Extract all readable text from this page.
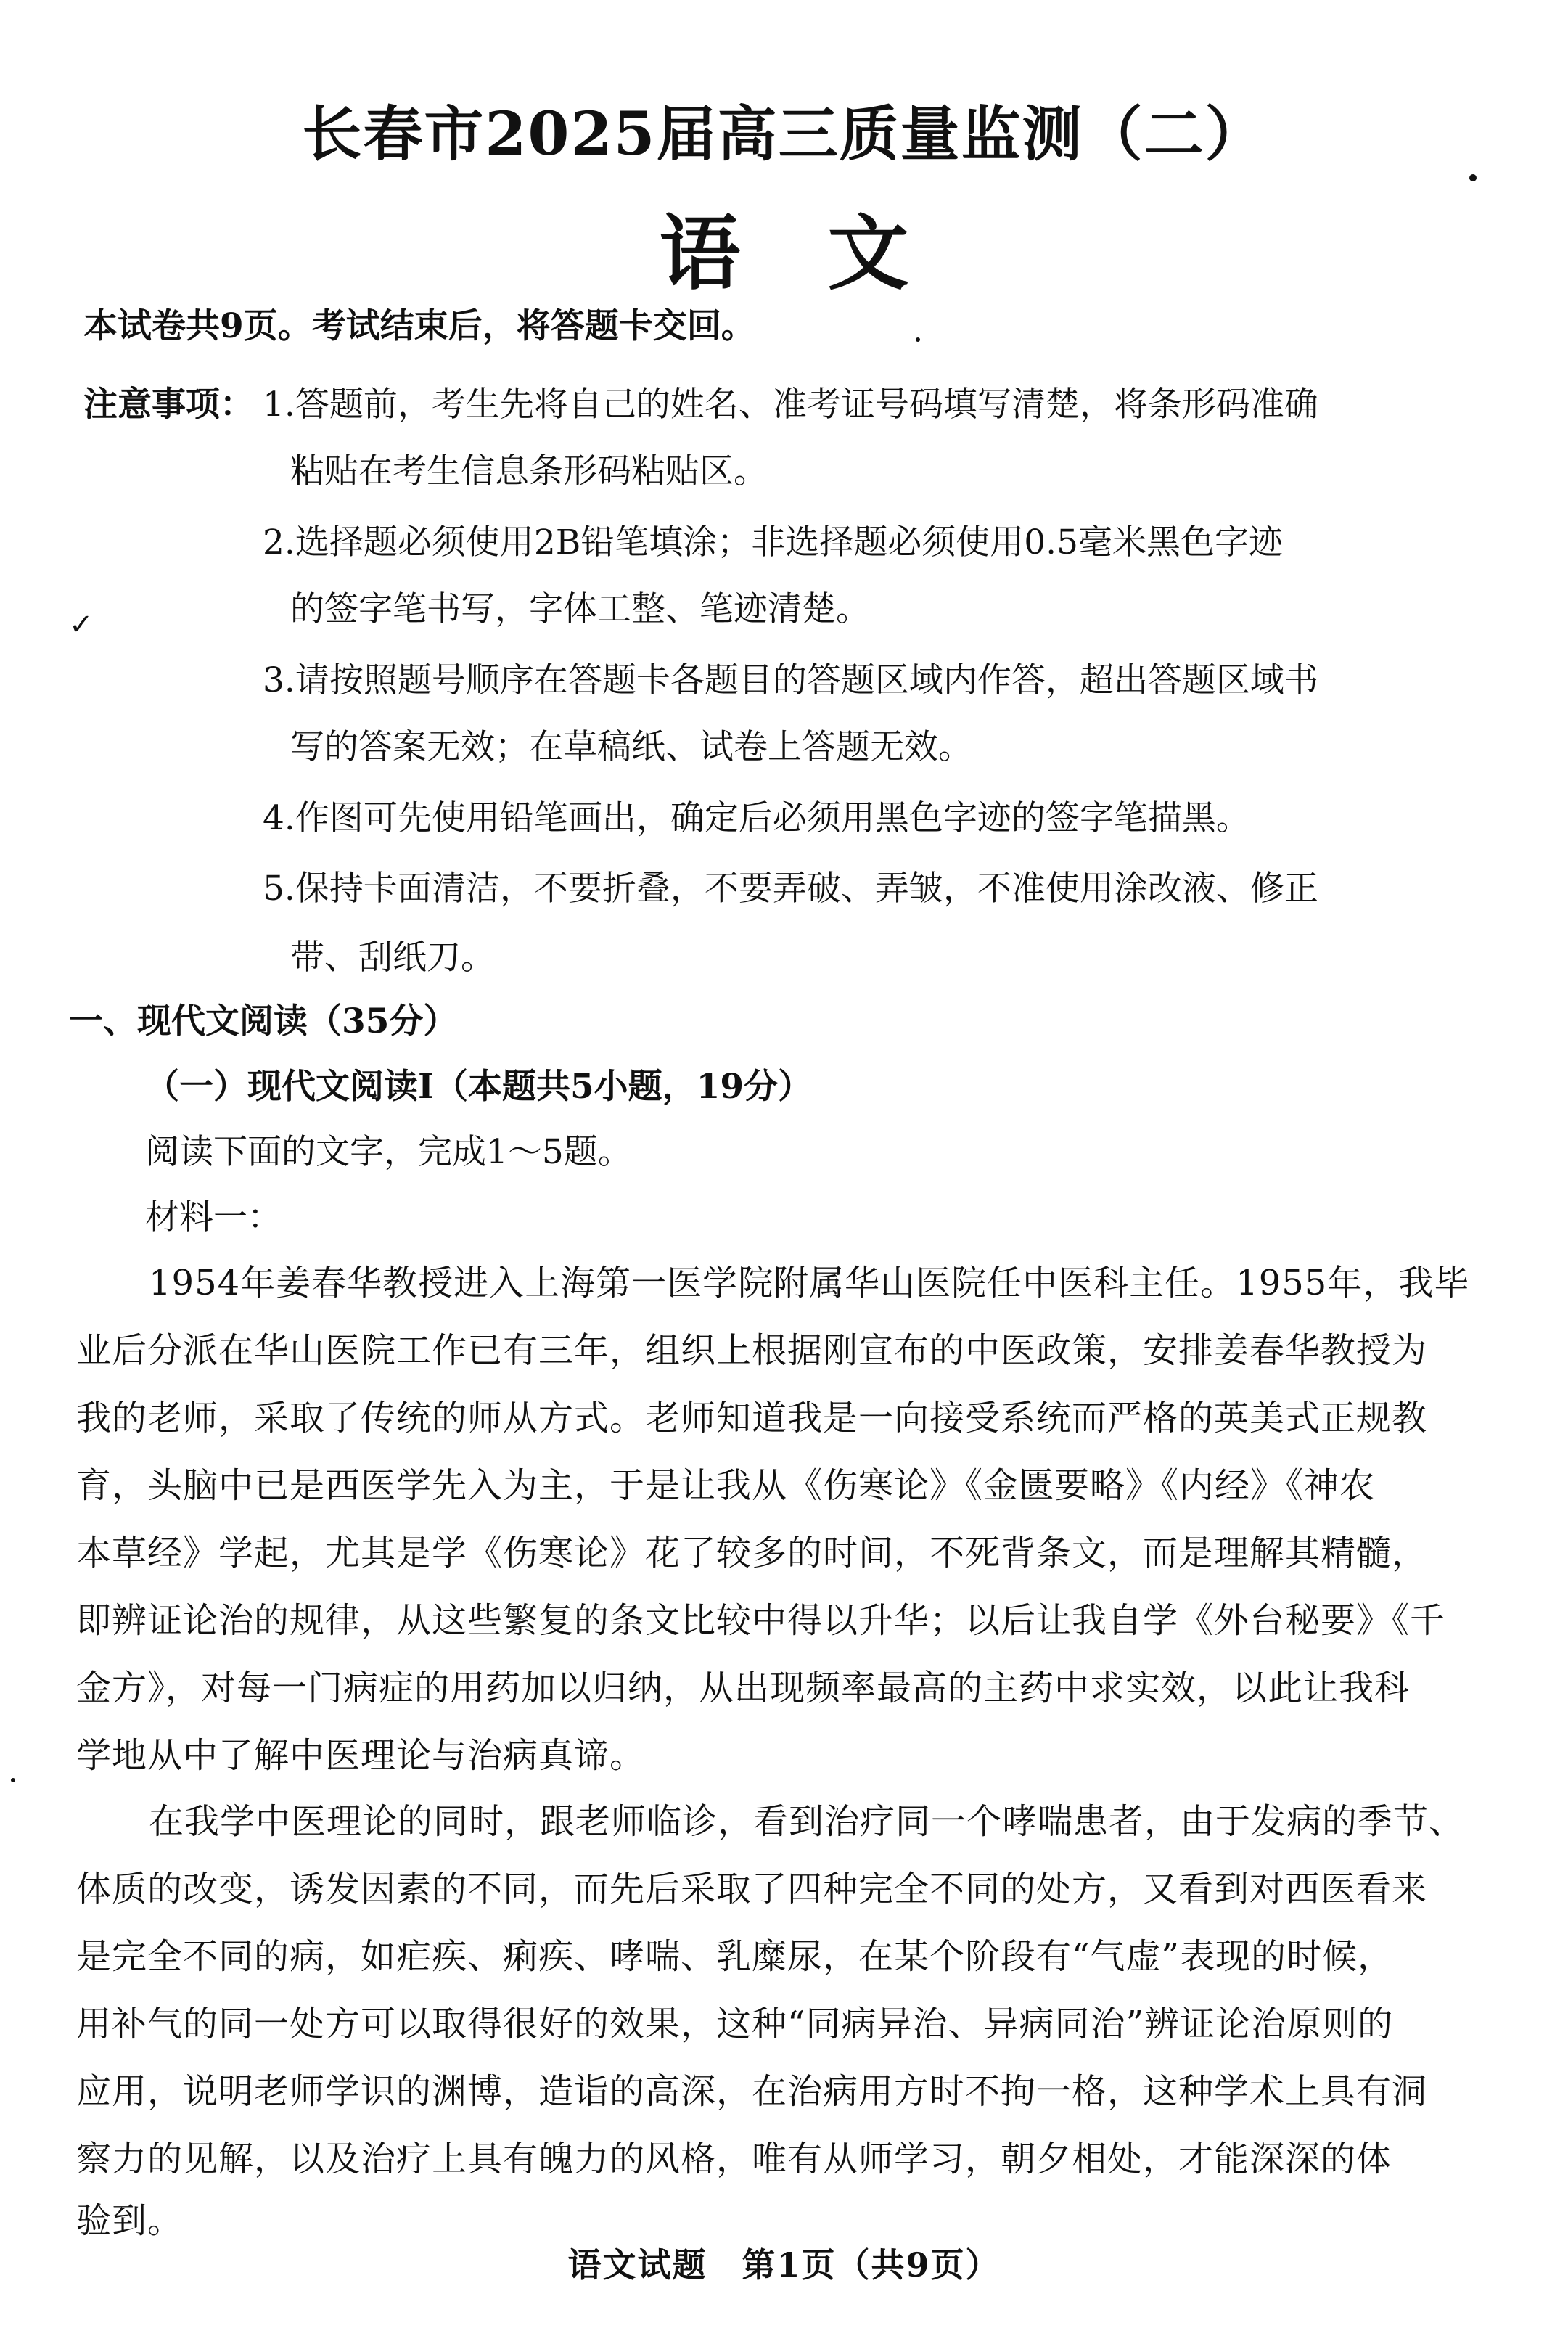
长春市2025届高三质量监测（二）
语文
本试卷共9页。考试结束后，将答题卡交回。
注意事项： 1.答题前，考生先将自己的姓名、准考证号码填写清楚，将条形码准确
粘贴在考生信息条形码粘贴区。
2.选择题必须使用2B铅笔填涂；非选择题必须使用0.5毫米黑色字迹
的签字笔书写，字体工整、笔迹清楚。
3.请按照题号顺序在答题卡各题目的答题区域内作答，超出答题区域书
写的答案无效；在草稿纸、试卷上答题无效。
4.作图可先使用铅笔画出，确定后必须用黑色字迹的签字笔描黑。
5.保持卡面清洁，不要折叠，不要弄破、弄皱，不准使用涂改液、修正
带、刮纸刀。
一、现代文阅读（35分）
（一）现代文阅读Ⅰ（本题共5小题，19分）
阅读下面的文字，完成1～5题。
材料一：
1954年姜春华教授进入上海第一医学院附属华山医院任中医科主任。1955年，我毕
业后分派在华山医院工作已有三年，组织上根据刚宣布的中医政策，安排姜春华教授为
我的老师，采取了传统的师从方式。老师知道我是一向接受系统而严格的英美式正规教
育，头脑中已是西医学先入为主，于是让我从《伤寒论》《金匮要略》《内经》《神农
本草经》学起，尤其是学《伤寒论》花了较多的时间，不死背条文，而是理解其精髓，
即辨证论治的规律，从这些繁复的条文比较中得以升华；以后让我自学《外台秘要》《千
金方》，对每一门病症的用药加以归纳，从出现频率最高的主药中求实效，以此让我科
学地从中了解中医理论与治病真谛。
在我学中医理论的同时，跟老师临诊，看到治疗同一个哮喘患者，由于发病的季节、
体质的改变，诱发因素的不同，而先后采取了四种完全不同的处方，又看到对西医看来
是完全不同的病，如疟疾、痢疾、哮喘、乳糜尿，在某个阶段有“气虚”表现的时候，
用补气的同一处方可以取得很好的效果，这种“同病异治、异病同治”辨证论治原则的
应用，说明老师学识的渊博，造诣的高深，在治病用方时不拘一格，这种学术上具有洞
察力的见解，以及治疗上具有魄力的风格，唯有从师学习，朝夕相处，才能深深的体
验到。
语文试题　第1页（共9页）
✓
